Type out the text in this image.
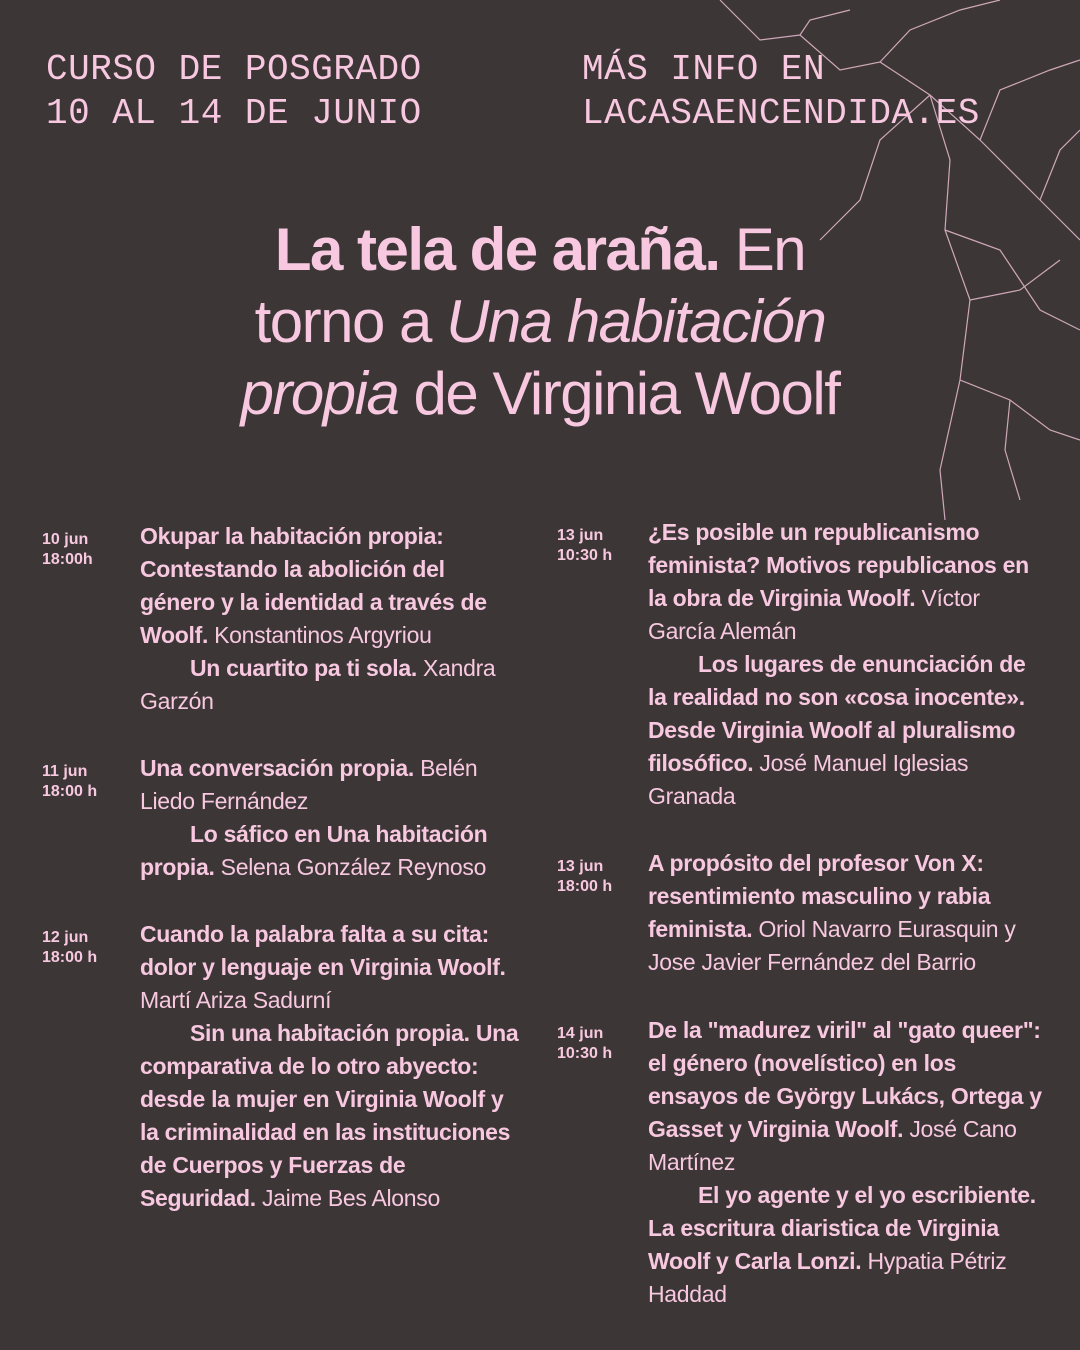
CURSO DE POSGRADO
10 AL 14 DE JUNIO
MÁS INFO EN
LACASAENCENDIDA.ES
La tela de araña. En
torno a Una habitación
propia de Virginia Woolf
10 jun
18:00h
Okupar la habitación propia: Contestando la abolición del género y la identidad a través de Woolf. Konstantinos Argyriou
Un cuartito pa ti sola. Xandra Garzón
11 jun
18:00 h
Una conversación propia. Belén Liedo Fernández
Lo sáfico en Una habitación propia. Selena González Reynoso
12 jun
18:00 h
Cuando la palabra falta a su cita: dolor y lenguaje en Virginia Woolf. Martí Ariza Sadurní
Sin una habitación propia. Una comparativa de lo otro abyecto: desde la mujer en Virginia Woolf y la criminalidad en las instituciones de Cuerpos y Fuerzas de Seguridad. Jaime Bes Alonso
13 jun
10:30 h
¿Es posible un republicanismo feminista? Motivos republicanos en la obra de Virginia Woolf. Víctor García Alemán
Los lugares de enunciación de la realidad no son «cosa inocente». Desde Virginia Woolf al pluralismo filosófico. José Manuel Iglesias Granada
13 jun
18:00 h
A propósito del profesor Von X: resentimiento masculino y rabia feminista. Oriol Navarro Eurasquin y Jose Javier Fernández del Barrio
14 jun
10:30 h
De la "madurez viril" al "gato queer": el género (novelístico) en los ensayos de György Lukács, Ortega y Gasset y Virginia Woolf. José Cano Martínez
El yo agente y el yo escribiente. La escritura diaristica de Virginia Woolf y Carla Lonzi. Hypatia Pétriz Haddad
